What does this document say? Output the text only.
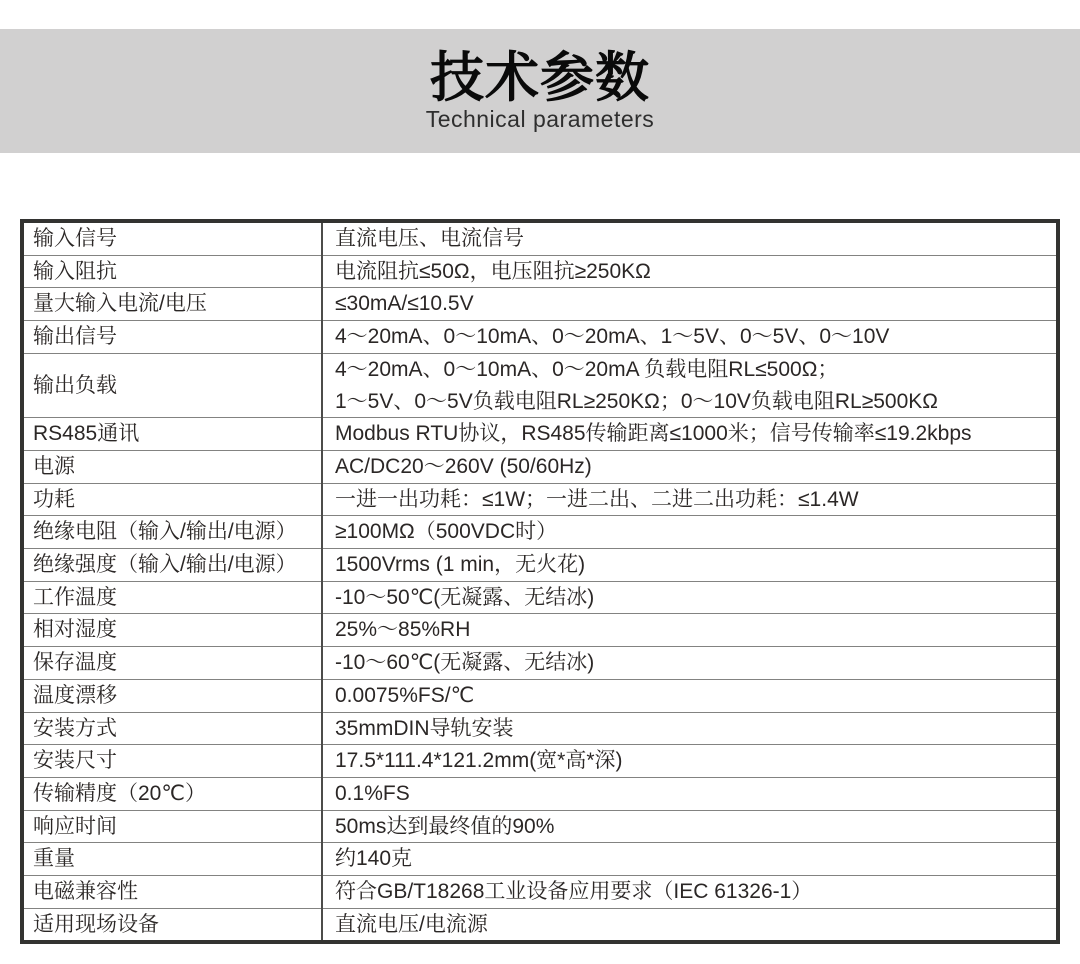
技术参数
Technical parameters
输入信号	直流电压、电流信号

输入阻抗	电流阻抗≤50Ω，电压阻抗≥250KΩ

量大输入电流/电压	≤30mA/≤10.5V

输出信号	4～20mA、0～10mA、0～20mA、1～5V、0～5V、0～10V

输出负载	4～20mA、0～10mA、0～20mA 负载电阻RL≤500Ω；
1～5V、0～5V负载电阻RL≥250KΩ；0～10V负载电阻RL≥500KΩ

RS485通讯	Modbus RTU协议，RS485传输距离≤1000米；信号传输率≤19.2kbps

电源	AC/DC20～260V (50/60Hz)

功耗	一进一出功耗：≤1W；一进二出、二进二出功耗：≤1.4W

绝缘电阻（输入/输出/电源）	≥100MΩ（500VDC时）

绝缘强度（输入/输出/电源）	1500Vrms (1 min，无火花)

工作温度	-10～50℃(无凝露、无结冰)

相对湿度	25%～85%RH

保存温度	-10～60℃(无凝露、无结冰)

温度漂移	0.0075%FS/℃

安装方式	35mmDIN导轨安装

安装尺寸	17.5*111.4*121.2mm(宽*高*深)

传输精度（20℃）	0.1%FS

响应时间	50ms达到最终值的90%

重量	约140克

电磁兼容性	符合GB/T18268工业设备应用要求（IEC 61326-1）

适用现场设备	直流电压/电流源
